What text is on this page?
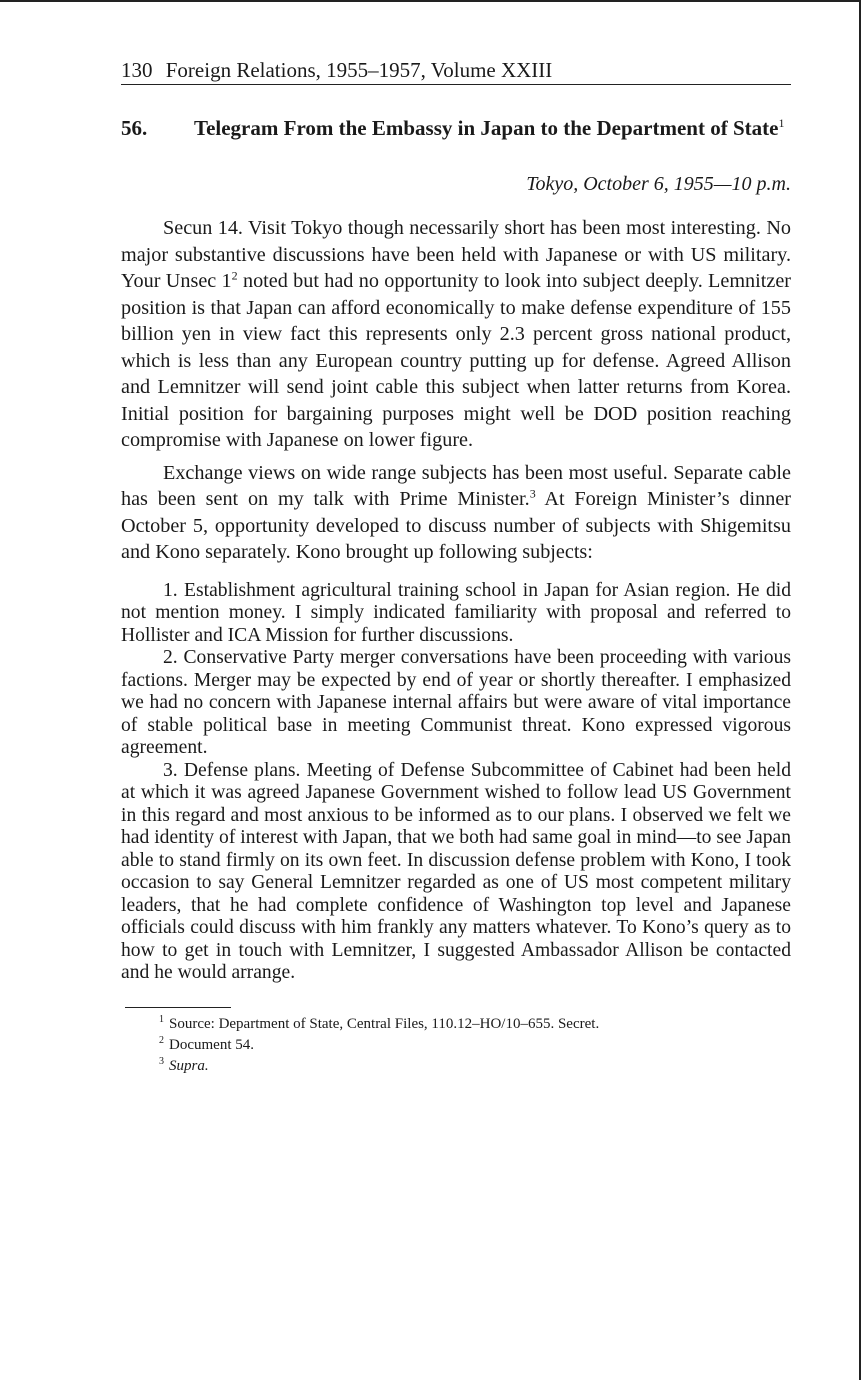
130 Foreign Relations, 1955–1957, Volume XXIII
56.	Telegram From the Embassy in Japan to the Department of State$^1$
Tokyo, October 6, 1955—10 p.m.

Secun 14. Visit Tokyo though necessarily short has been most interesting. No major substantive discussions have been held with Japanese or with US military. Your Unsec $1^2$ noted but had no opportunity to look into subject deeply. Lemnitzer position is that Japan can afford economically to make defense expenditure of 155 billion yen in view fact this represents only 2.3 percent gross national product, which is less than any European country putting up for defense. Agreed Allison and Lemnitzer will send joint cable this subject when latter returns from Korea. Initial position for bargaining purposes might well be DOD position reaching compromise with Japanese on lower figure.

Exchange views on wide range subjects has been most useful. Separate cable has been sent on my talk with Prime Minister.$^3$ At Foreign Minister’s dinner October 5, opportunity developed to discuss number of subjects with Shigemitsu and Kono separately. Kono brought up following subjects:

1. Establishment agricultural training school in Japan for Asian region. He did not mention money. I simply indicated familiarity with proposal and referred to Hollister and ICA Mission for further discussions.

2. Conservative Party merger conversations have been proceeding with various factions. Merger may be expected by end of year or shortly thereafter. I emphasized we had no concern with Japanese internal affairs but were aware of vital importance of stable political base in meeting Communist threat. Kono expressed vigorous agreement.

3. Defense plans. Meeting of Defense Subcommittee of Cabinet had been held at which it was agreed Japanese Government wished to follow lead US Government in this regard and most anxious to be informed as to our plans. I observed we felt we had identity of interest with Japan, that we both had same goal in mind—to see Japan able to stand firmly on its own feet. In discussion defense problem with Kono, I took occasion to say General Lemnitzer regarded as one of US most competent military leaders, that he had complete confidence of Washington top level and Japanese officials could discuss with him frankly any matters whatever. To Kono’s query as to how to get in touch with Lemnitzer, I suggested Ambassador Allison be contacted and he would arrange.

$^1$ Source: Department of State, Central Files, 110.12–HO/10–655. Secret.
$^2$ Document 54.
$^3$ Supra.
